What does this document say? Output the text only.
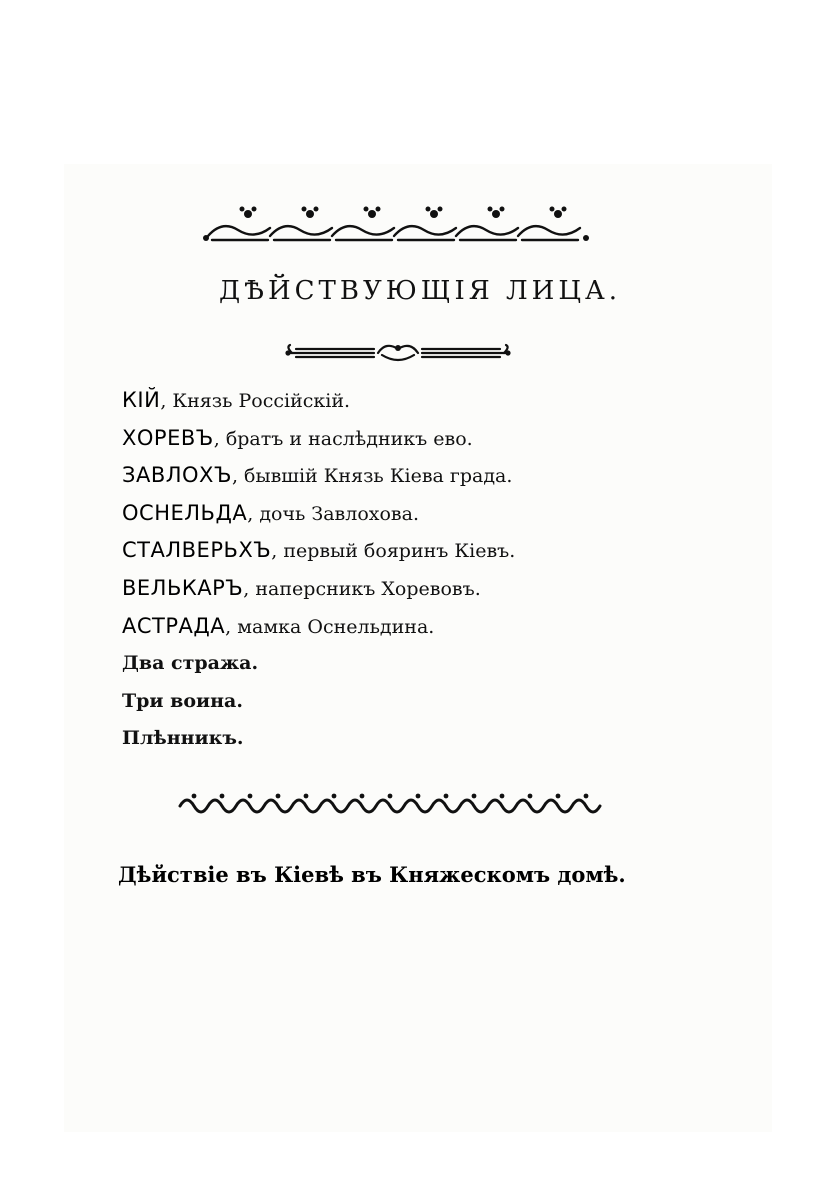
ДѢЙСТВУЮЩІЯ ЛИЦА.
КІЙ, Князь Россійскій.
ХОРЕВЪ, братъ и наслѣдникъ ево.
ЗАВЛОХЪ, бывшій Князь Кіева града.
ОСНЕЛЬДА, дочь Завлохова.
СТАЛВЕРЬХЪ, первый бояринъ Кіевъ.
ВЕЛЬКАРЪ, наперсникъ Хоревовъ.
АСТРАДА, мамка Оснельдина.
Два стража.
Три воина.
Плѣнникъ.

Дѣйствіе въ Кіевѣ въ Княжескомъ домѣ.
